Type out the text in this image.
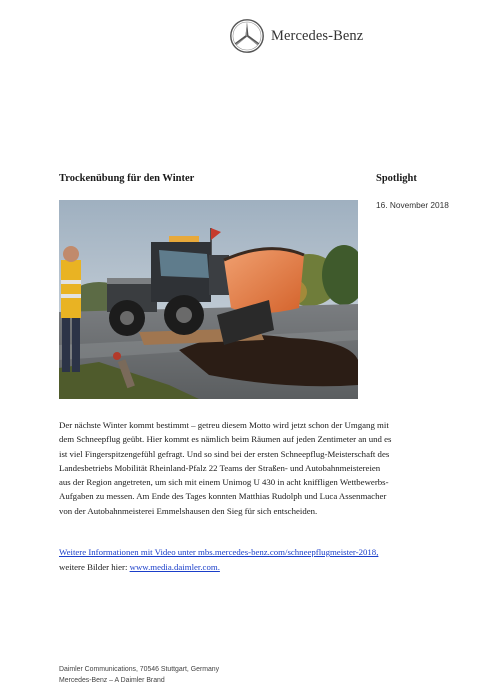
Mercedes-Benz
Trockenübung für den Winter	Spotlight
16. November 2018

Der nächste Winter kommt bestimmt – getreu diesem Motto wird jetzt schon der Umgang mit dem Schneepflug geübt. Hier kommt es nämlich beim Räumen auf jeden Zentimeter an und es ist viel Fingerspitzengefühl gefragt. Und so sind bei der ersten Schneepflug-Meisterschaft des Landesbetriebs Mobilität Rheinland-Pfalz 22 Teams der Straßen- und Autobahnmeistereien aus der Region angetreten, um sich mit einem Unimog U 430 in acht kniffligen Wettbewerbs-Aufgaben zu messen. Am Ende des Tages konnten Matthias Rudolph und Luca Assenmacher von der Autobahnmeisterei Emmelshausen den Sieg für sich entscheiden.

Weitere Informationen mit Video unter mbs.mercedes-benz.com/schneepflugmeister-2018, weitere Bilder hier: www.media.daimler.com.
Daimler Communications, 70546 Stuttgart, Germany
Mercedes-Benz – A Daimler Brand
